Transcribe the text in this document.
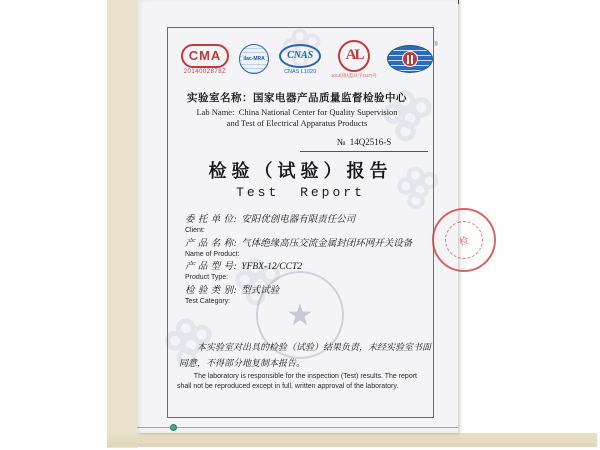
CMA
2014002878Z
ilac-MRA	CNAS
CNAS L1020
AL
2014国认监认字(347)号
®
实验室名称：国家电器产品质量监督检验中心
Lab Name: China National Center for Quality Supervision
and Test of Electrical Apparatus Products
№ 14Q2516-S
检验（试验）报告
Test Report
委 托 单 位: 安阳优创电器有限责任公司
Client:
产 品 名 称: 气体绝缘高压交流金属封闭环网开关设备
Name of Product:
产 品 型 号: YFBX-12/CCT2
Product Type:
检 验 类 别: 型式试验
Test Category:	★
检
本实验室对出具的检验（试验）结果负责，未经实验室书面同意，不得部分地复制本报告。
The laboratory is responsible for the inspection (Test) results. The report shall not be reproduced except in full, written approval of the laboratory.
